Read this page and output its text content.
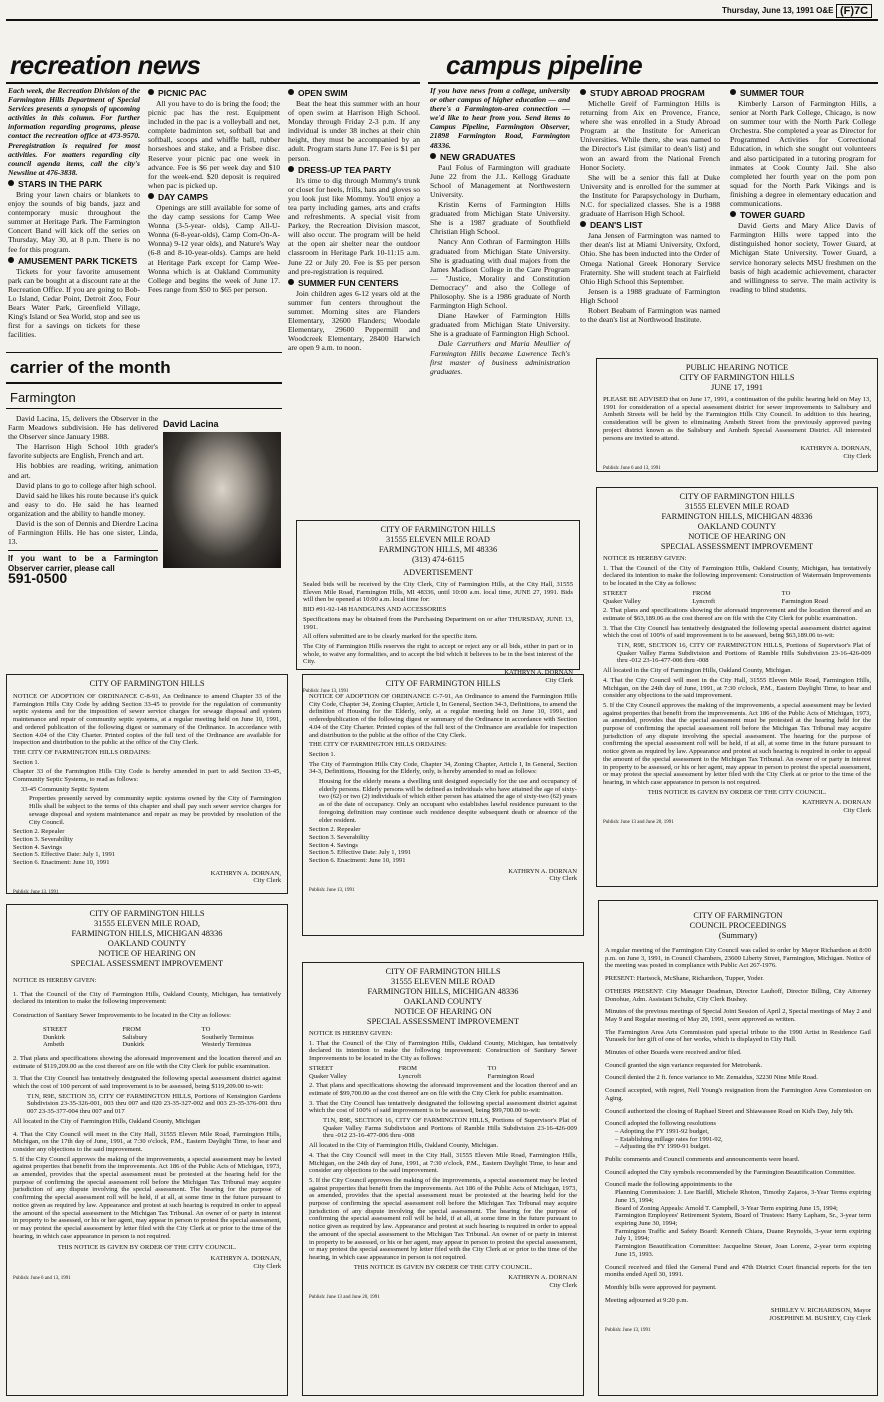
Thursday, June 13, 1991 O&E (F)7C
recreation news

Each week, the Recreation Division of the Farmington Hills Department of Special Services presents a synopsis of upcoming activities in this column. For further information regarding programs, please contact the recreation office at 473-9570. Preregistration is required for most activities. For matters regarding city council agenda items, call the city's Newsline at 476-3838.

STARS IN THE PARK

Bring your lawn chairs or blankets to enjoy the sounds of big bands, jazz and contemporary music throughout the summer at Heritage Park. The Farmington Concert Band will kick off the series on Thursday, May 30, at 8 p.m. There is no fee for this program.

AMUSEMENT PARK TICKETS

Tickets for your favorite amusement park can be bought at a discount rate at the Recreation Office. If you are going to Bob-Lo Island, Cedar Point, Detroit Zoo, Four Bears Water Park, Greenfield Village, King's Island or Sea World, stop and see us first for a savings on tickets for these facilities.

PICNIC PAC

All you have to do is bring the food; the picnic pac has the rest. Equipment included in the pac is a volleyball and net, complete badminton set, softball bat and softball, scoops and whiffle ball, rubber horseshoes and stake, and a Frisbee disc. Reserve your picnic pac one week in advance. Fee is $6 per week day and $10 for the week-end. $20 deposit is required when pac is picked up.

DAY CAMPS

Openings are still available for some of the day camp sessions for Camp Wee Wonna (3-5-year- olds), Camp All-U-Wonna (6-8-year-olds), Camp Com-On-A-Wonna) 9-12 year olds), and Nature's Way (6-8 and 8-10-year-olds). Camps are held at Heritage Park except for Camp Wee-Wonna which is at Oakland Community College and begins the week of June 17. Fees range from $50 to $65 per person.

OPEN SWIM

Beat the heat this summer with an hour of open swim at Harrison High School. Monday through Friday 2-3 p.m. If any individual is under 38 inches at their chin height, they must be accompanied by an adult. Program starts June 17. Fee is $1 per person.

DRESS-UP TEA PARTY

It's time to dig through Mommy's trunk or closet for heels, frills, hats and gloves so you look just like Mommy. You'll enjoy a tea party including games, arts and crafts and refreshments. A special visit from Parkey, the Recreation Division mascot, will also occur. The program will be held at the open air shelter near the outdoor classroom in Heritage Park 10-11:15 a.m. June 22 or July 20. Fee is $5 per person and pre-registration is required.

SUMMER FUN CENTERS

Join children ages 6-12 years old at the summer fun centers throughout the summer. Morning sites are Flanders Elementary, 32600 Flanders; Woodale Elementary, 29600 Peppermill and Woodcreek Elementary, 28400 Harwich are open 9 a.m. to noon.

campus pipeline

If you have news from a college, university or other campus of higher education — and there's a Farmington-area connection — we'd like to hear from you. Send items to Campus Pipeline, Farmington Observer, 21898 Farmington Road, Farmington 48336.

NEW GRADUATES

Paul Folus of Farmington will graduate June 22 from the J.L. Kellogg Graduate School of Management at Northwestern University.

Kristin Kerns of Farmington Hills graduated from Michigan State University. She is a 1987 graduate of Southfield Christian High School.

Nancy Ann Cothran of Farmington Hills graduated from Michigan State University. She is graduating with dual majors from the James Madison College in the Care Program — "Justice, Morality and Constitution Democracy" and also the College of Philosophy. She is a 1986 graduate of North Farmington High School.

Diane Hawker of Farmington Hills graduated from Michigan State University. She is a graduate of Farmington High School.

Dale Carruthers and Maria Meullier of Farmington Hills became Lawrence Tech's first master of business administration graduates.

STUDY ABROAD PROGRAM

Michelle Greif of Farmington Hills is returning from Aix en Provence, France, where she was enrolled in a Study Abroad Program at the Institute for American Universities. While there, she was named to the Director's List (similar to dean's list) and won an award from the National French Honor Society.

She will be a senior this fall at Duke University and is enrolled for the summer at the Institute for Parapsychology in Durham, N.C. for specialized classes. She is a 1988 graduate of Harrison High School.

DEAN'S LIST

Jana Jensen of Farmington was named to ther dean's list at Miami University, Oxford, Ohio. She has been inducted into the Order of Omega National Greek Honorary Service Fraternity. She will student teach at Fairfield Ohio High School this September.

Jensen is a 1988 graduate of Farmington High School

Robert Beabam of Farmington was named to the dean's list at Northwood Institute.

SUMMER TOUR

Kimberly Larson of Farmington Hills, a senior at North Park College, Chicago, is now on summer tour with the North Park College Orchestra. She completed a year as Director for Programmed Activities for Correctional Education, in which she sought out volunteers and also participated in a tutoring program for inmates at Cook County Jail. She also completed her fourth year on the pom pon squad for the North Park Vikings and is finishing a degree in elementary education and communications.

TOWER GUARD

David Gerts and Mary Alice Davis of Farmington Hills were tapped into the distinguished honor society, Tower Guard, at Michigan State University. Tower Guard, a service honorary selects MSU freshmen on the basis of high academic achievement, character and willingness to serve. The main activity is reading to blind students.

carrier of the month
Farmington

David Lacina, 15, delivers the Observer in the Farm Meadows subdivision. He has delivered the Observer since January 1988.

The Harrison High School 10th grader's favorite subjects are English, French and art.

His hobbies are reading, writing, animation and art.

David plans to go to college after high school.

David said he likes his route because it's quick and easy to do. He said he has learned organization and the ability to handle money.

David is the son of Dennis and Dierdre Lacina of Farmington Hills. He has one sister, Linda, 13.

If you want to be a Farmington Observer carrier, please call
591-0500
David Lacina
PUBLIC HEARING NOTICE
CITY OF FARMINGTON HILLS
JUNE 17, 1991

PLEASE BE ADVISED that on June 17, 1991, a continuation of the public hearing held on May 13, 1991 for consideration of a special assessment district for sewer improvements to Salisbury and Ambeth Streets will be held by the Farmington Hills City Council. In addition to this hearing, consideration will be given to eliminating Ambeth Street from the previously approved paving project district known as the Salisbury and Ambeth Special Assessment District. All interested persons are invited to attend.

KATHRYN A. DORNAN,
City Clerk
Publish: June 6 and 13, 1991
CITY OF FARMINGTON HILLS
31555 ELEVEN MILE ROAD
FARMINGTON HILLS, MI 48336
(313) 474-6115
ADVERTISEMENT

Sealed bids will be received by the City Clerk, City of Farmington Hills, at the City Hall, 31555 Eleven Mile Road, Farmington Hills, MI 48336, until 10:00 a.m. local time, JUNE 27, 1991. Bids will then be opened at 10:00 a.m. local time for:

BID #91-92-148 HANDGUNS AND ACCESSORIES

Specifications may be obtained from the Purchasing Department on or after THURSDAY, JUNE 13, 1991.

All offers submitted are to be clearly marked for the specific item.

The City of Farmington Hills reserves the right to accept or reject any or all bids, either in part or in whole, to waive any formalities, and to accept the bid which it believes to be in the best interest of the City.

KATHRYN A. DORNAN
City Clerk
Publish: June 13, 1991
CITY OF FARMINGTON HILLS
31555 ELEVEN MILE ROAD
FARMINGTON HILLS, MICHIGAN 48336
OAKLAND COUNTY
NOTICE OF HEARING ON
SPECIAL ASSESSMENT IMPROVEMENT

NOTICE IS HEREBY GIVEN:

1. That the Council of the City of Farmington Hills, Oakland County, Michigan, has tentatively declared its intention to make the following improvement: Construction of Watermain Improvements to be located in the City as follows:

STREET	FROM	TO
Quaker Valley	Lyncroft	Farmington Road

2. That plans and specifications showing the aforesaid improvement and the location thereof and an estimate of $63,189.06 as the cost thereof are on file with the City Clerk for public examination.

3. That the City Council has tentatively designated the following special assessment district against which the cost of 100% of said improvement is to be assessed, being $63,189.06 to-wit:

T1N, R9E, SECTION 16, CITY OF FARMINGTON HILLS, Portions of Supervisor's Plat of Quaker Valley Farms Subdivision and Portions of Ramble Hills Subdivision 23-16-426-009 thru -012 23-16-477-006 thru -008

All located in the City of Farmington Hills, Oakland County, Michigan.

4. That the City Council will meet in the City Hall, 31555 Eleven Mile Road, Farmington Hills, Michigan, on the 24th day of June, 1991, at 7:30 o'clock, P.M., Eastern Daylight Time, to hear and consider any objections to the said improvement.

5. If the City Council approves the making of the improvements, a special assessment may be levied against properties that benefit from the improvements. Act 186 of the Public Acts of Michigan, 1973, as amended, provides that the special assessment must be protested at the hearing held for the purpose of confirming the special assessment roll before the Michigan Tax Tribunal may acquire jurisdiction of any dispute involving the special assessment. The hearing for the purpose of confirming the special assessment roll will be held, if at all, at some time in the future pursuant to notice given as required by law. Appearance and protest at such hearing is required in order to appeal the amount of the special assessment to the Michigan Tax Tribunal. An owner of or party in interest in property to be assessed, or his or her agent, may appear in person to protest the special assessment, or may protest the special assessment by letter filed with the City Clerk at or prior to the time of the hearing, in which case appearance in person is not required.

THIS NOTICE IS GIVEN BY ORDER OF THE CITY COUNCIL.

KATHRYN A. DORNAN
City Clerk
Publish: June 13 and June 20, 1991
CITY OF FARMINGTON HILLS

NOTICE OF ADOPTION OF ORDINANCE C-8-91, An Ordinance to amend Chapter 33 of the Farmington Hills City Code by adding Section 33-45 to provide for the regulation of community septic systems and for the imposition of sewer service charges for sewage disposal and system maintenance and repair of community septic systems, at a regular meeting held on June 10, 1991, and ordered publication of the following digest or summary of the Ordinance. In accordance with Section 4.04 of the City Charter. Printed copies of the full text of the Ordinance are available for inspection and distribution to the public at the office of the City Clerk.

THE CITY OF FARMINGTON HILLS ORDAINS:

Section 1.

Chapter 33 of the Farmington Hills City Code is hereby amended in part to add Section 33-45, Community Septic Systems, to read as follows:

33-45 Community Septic System

Properties presently served by community septic systems owned by the City of Farmington Hills shall be subject to the terms of this chapter and shall pay such sewer service charges for sewage disposal and system maintenance and repair as may be provided by resolution of the City Council.

Section 2. Repealer

Section 3. Severability

Section 4. Savings

Section 5. Effective Date: July 1, 1991

Section 6. Enactment: June 10, 1991

KATHRYN A. DORNAN,
City Clerk
Publish: June 13, 1991
CITY OF FARMINGTON HILLS

NOTICE OF ADOPTION OF ORDINANCE C-7-91, An Ordinance to amend the Farmington Hills City Code, Chapter 34, Zoning Chapter, Article I, In General, Section 34-3, Definitions, to amend the definition of Housing for the Elderly, only, at a regular meeting held on June 10, 1991, and orderedpublication of the following digest or summary of the Ordinance in accordance with Section 4.04 of the City Charter. Printed copies of the full text of the Ordinance are available for inspection and distribution to the public at the office of the City Clerk.

THE CITY OF FARMINGTON HILLS ORDAINS:

Section 1.

The City of Farmington Hills City Code, Chapter 34, Zoning Chapter, Article I, In General, Section 34-3, Definitions, Housing for the Elderly, only, is hereby amended to read as follows:

Housing for the elderly means a dwelling unit designed especially for the use and occupancy of elderly persons. Elderly persons will be defined as individuals who have attained the age of sixty-two (62) or two (2) individuals of which either person has attained the age of sixty-two (62) years as of the date of occupancy. Only an occupant who establishes lawful residence pursuant to the foregoing definition may continue such residence despite subsequent death or absence of the elder resident.

Section 2. Repealer

Section 3. Severability

Section 4. Savings

Section 5. Effective Date: July 1, 1991

Section 6. Enactment: June 10, 1991

KATHRYN A. DORNAN
City Clerk
Publish: June 13, 1991
CITY OF FARMINGTON HILLS
31555 ELEVEN MILE ROAD,
FARMINGTON HILLS, MICHIGAN 48336
OAKLAND COUNTY
NOTICE OF HEARING ON
SPECIAL ASSESSMENT IMPROVEMENT

NOTICE IS HEREBY GIVEN:

1. That the Council of the City of Farmington Hills, Oakland County, Michigan, has tentatively declared its intention to make the following improvement:

Construction of Sanitary Sewer Improvements to be located in the City as follows:

STREET	FROM	TO
Dunkirk	Salisbury	Southerly Terminus
Ambeth	Dunkirk	Westerly Terminus

2. That plans and specifications showing the aforesaid improvement and the location thereof and an estimate of $119,209.00 as the cost thereof are on file with the City Clerk for public examination.

3. That the City Council has tentatively designated the following special assessment district against which the cost of 100 percent of said improvement is to be assessed, being $119,209.00 to-wit:

T1N, R9E, SECTION 35, CITY OF FARMINGTON HILLS, Portions of Kensington Gardens Subdivision 23-35-326-001, 003 thru 007 and 020 23-35-327-002 and 003 23-35-376-001 thru 007 23-35-377-004 thru 007 and 017

All located in the City of Farmington Hills, Oakland County, Michigan

4. That the City Council will meet in the City Hall, 31555 Eleven Mile Road, Farmington Hills, Michigan, on the 17th day of June, 1991, at 7:30 o'clock, P.M., Eastern Daylight Time, to hear and consider any objections to the said improvement.

5. If the City Council approves the making of the improvements, a special assessment may be levied against properties that benefit from the improvements. Act 186 of the Public Acts of Michigan, 1973, as amended, provides that the special assessment must be protested at the hearing held for the purpose of confirming the special assessment roll before the Michigan Tax Tribunal may acquire jurisdiction of any dispute involving the special assessment. The hearing for the purpose of confirming the special assessment roll will be held, if at all, at some time in the future pursuant to notice given as required by law. Appearance and protest at such hearing is required in order to appeal the amount of the special assessment to the Michigan Tax Tribunal. An owner of or party in interest in property to be assessed, or his or her agent, may appear in person to protest the special assessment, or may protest the special assessment by letter filed with the City Clerk at or prior to the time of the hearing, in which case appearance in person is not required.

THIS NOTICE IS GIVEN BY ORDER OF THE CITY COUNCIL.

KATHRYN A. DORNAN,
City Clerk
Publish: June 6 and 13, 1991
CITY OF FARMINGTON HILLS
31555 ELEVEN MILE ROAD
FARMINGTON HILLS, MICHIGAN 48336
OAKLAND COUNTY
NOTICE OF HEARING ON
SPECIAL ASSESSMENT IMPROVEMENT

NOTICE IS HEREBY GIVEN:

1. That the Council of the City of Farmington Hills, Oakland County, Michigan, has tentatively declared its intention to make the following improvement: Construction of Sanitary Sewer Improvements to be located in the City as follows:

STREET	FROM	TO
Quaker Valley	Lyncroft	Farmington Road

2. That plans and specifications showing the aforesaid improvement and the location thereof and an estimate of $99,700.00 as the cost thereof are on file with the City Clerk for public examination.

3. That the City Council has tentatively designated the following special assessment district against which the cost of 100% of said improvement is to be assessed, being $99,700.00 to-wit:

T1N, R9E, SECTION 16, CITY OF FARMINGTON HILLS, Portions of Supervisor's Plat of Quaker Valley Farms Subdivision and Portions of Ramble Hills Subdivision 23-16-426-009 thru -012 23-16-477-006 thru -008

All located in the City of Farmington Hills, Oakland County, Michigan.

4. That the City Council will meet in the City Hall, 31555 Eleven Mile Road, Farmington Hills, Michigan, on the 24th day of June, 1991, at 7:30 o'clock, P.M., Eastern Daylight Time, to hear and consider any objections to the said improvement.

5. If the City Council approves the making of the improvements, a special assessment may be levied against properties that benefit from the improvements. Act 186 of the Public Acts of Michigan, 1973, as amended, provides that the special assessment must be protested at the hearing held for the purpose of confirming the special assessment roll before the Michigan Tax Tribunal may acquire jurisdiction of any dispute involving the special assessment. The hearing for the purpose of confirming the special assessment roll will be held, if at all, at some time in the future pursuant to notice given as required by law. Appearance and protest at such hearing is required in order to appeal the amount of the special assessment to the Michigan Tax Tribunal. An owner of or party in interest in property to be assessed, or his or her agent, may appear in person to protest the special assessment, or may protest the special assessment by letter filed with the City Clerk at or prior to the time of the hearing, in which case appearance in person is not required.

THIS NOTICE IS GIVEN BY ORDER OF THE CITY COUNCIL.

KATHRYN A. DORNAN
City Clerk
Publish: June 13 and June 20, 1991
CITY OF FARMINGTON
COUNCIL PROCEEDINGS
(Summary)

A regular meeting of the Farmington City Council was called to order by Mayor Richardson at 8:00 p.m. on June 3, 1991, in Council Chambers, 23600 Liberty Street, Farmington, Michigan. Notice of the meeting was posted in compliance with Public Act 267-1976.

PRESENT: Hartsock, McShane, Richardson, Tupper, Yoder.

OTHERS PRESENT: City Manager Deadman, Director Lauhoff, Director Billing, City Attorney Donohue, Adm. Assistant Schultz, City Clerk Bushey.

Minutes of the previous meetings of Special Joint Session of April 2, Special meetings of May 2 and May 9 and Regular meeting of May 20, 1991, were approved as written.

The Farmington Area Arts Commission paid special tribute to the 1990 Artist in Residence Gail Yurasek for her gift of one of her works, which is displayed in City Hall.

Minutes of other Boards were received and/or filed.

Council granted the sign variance requested for Metrobank.

Council denied the 2 ft. fence variance to Mr. Zemaidus, 32230 Nine Mile Road.

Council accepted, with regret, Nell Young's resignation from the Farmington Area Commission on Aging.

Council authorized the closing of Raphael Street and Shiawassee Road on Kid's Day, July 9th.

Council adopted the following resolutions

– Adopting the FY 1991-92 budget,

– Establishing millage rates for 1991-92,

– Adjusting the FY 1990-91 budget.

Public comments and Council comments and announcements were heard.

Council adopted the City symbols recommended by the Farmington Beautification Committee.

Council made the following appointments to the

Planning Commission: J. Lee Barlill, Michele Rhoton, Timothy Zajaros, 3-Year Terms expiring June 15, 1994;

Board of Zoning Appeals: Arnold T. Campbell, 3-Year Term expiring June 15, 1994;

Farmington Employees' Retirement System, Board of Trustees: Harry Lapham, Sr., 3-year term expiring June 30, 1994;

Farmington Traffic and Safety Board: Kenneth Chiara, Duane Reynolds, 3-year term expiring July 1, 1994;

Farmington Beautification Committee: Jacqueline Steuer, Joan Lorenz, 2-year term expiring June 15, 1993.

Council received and filed the General Fund and 47th District Court financial reports for the ten months ended April 30, 1991.

Monthly bills were approved for payment.

Meeting adjourned at 9:20 p.m.

SHIRLEY V. RICHARDSON, Mayor
JOSEPHINE M. BUSHEY, City Clerk
Publish: June 13, 1991
